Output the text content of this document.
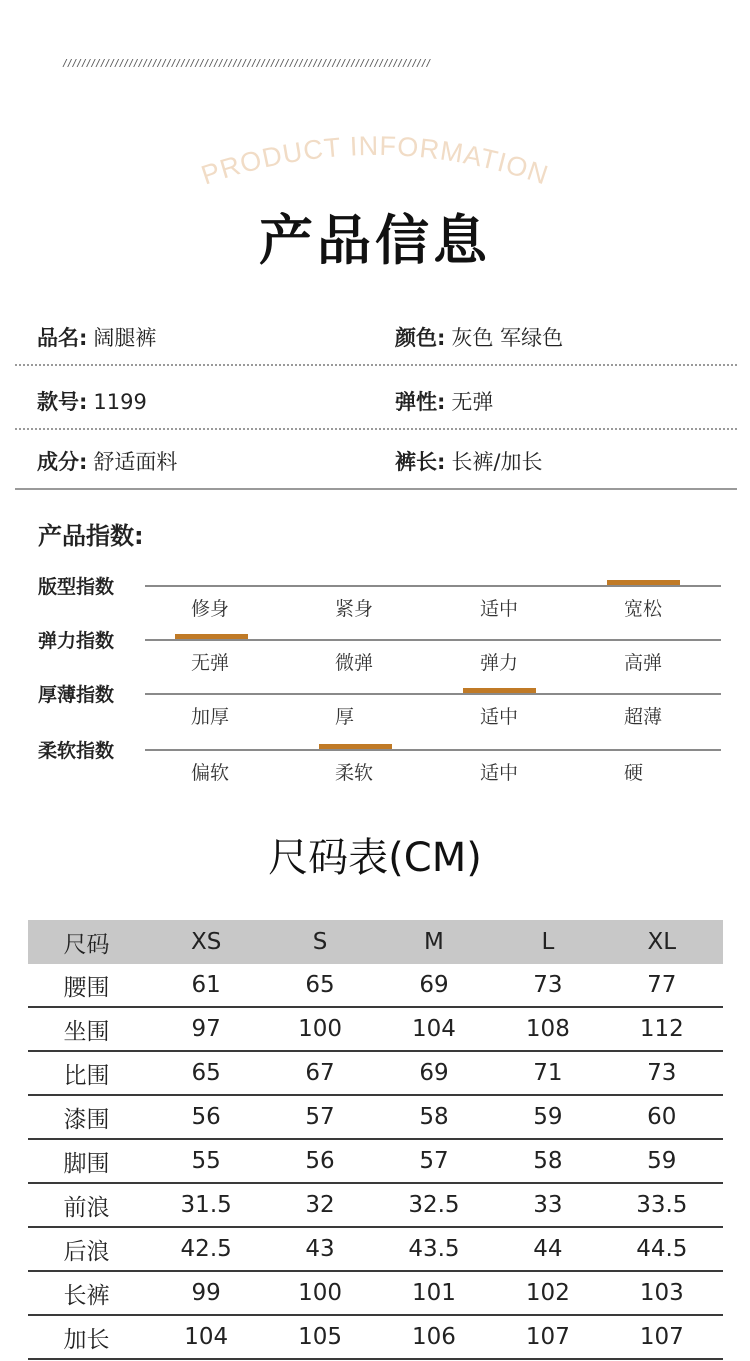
//////////////////////////////////////////////////////////////////////////////
PRODUCT INFORMATION
产品信息
品名: 阔腿裤	颜色: 灰色 军绿色
款号: 1199	弹性: 无弹
成分: 舒适面料	裤长: 长裤/加长
产品指数:
版型指数
修身	紧身	适中	宽松
弹力指数
无弹	微弹	弹力	高弹
厚薄指数
加厚	厚	适中	超薄
柔软指数
偏软	柔软	适中	硬
尺码表(CM)
尺码	XS	S	M	L	XL
腰围	61	65	69	73	77
坐围	97	100	104	108	112
比围	65	67	69	71	73
漆围	56	57	58	59	60
脚围	55	56	57	58	59
前浪	31.5	32	32.5	33	33.5
后浪	42.5	43	43.5	44	44.5
长裤	99	100	101	102	103
加长	104	105	106	107	107
